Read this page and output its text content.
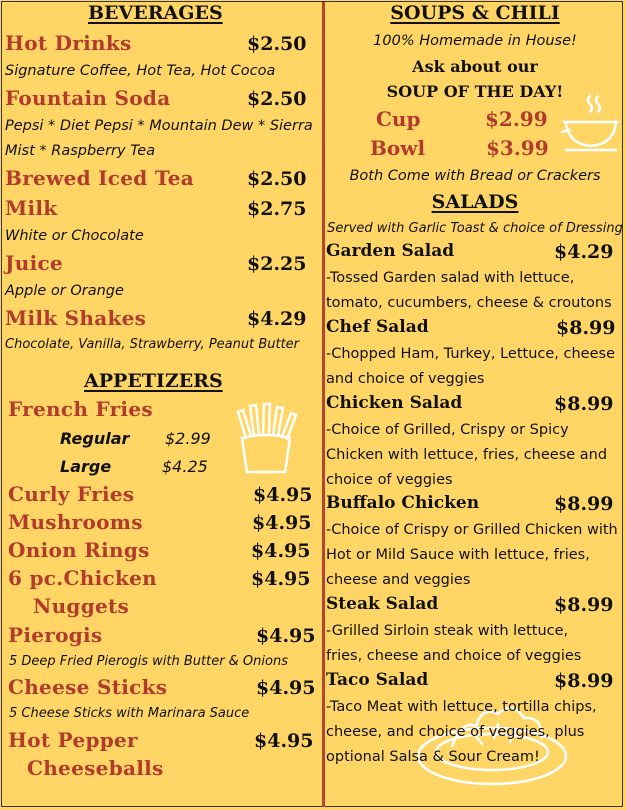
BEVERAGES
Hot Drinks	$2.50
Signature Coffee, Hot Tea, Hot Cocoa
Fountain Soda	$2.50
Pepsi * Diet Pepsi * Mountain Dew * Sierra
Mist * Raspberry Tea
Brewed Iced Tea	$2.50
Milk	$2.75
White or Chocolate
Juice	$2.25
Apple or Orange
Milk Shakes	$4.29
Chocolate, Vanilla, Strawberry, Peanut Butter
APPETIZERS
French Fries
Regular $2.99
Large	$4.25
Curly Fries	$4.95
Mushrooms	$4.95
Onion Rings	$4.95
6 pc.Chicken	$4.95
Nuggets
Pierogis	$4.95
5 Deep Fried Pierogis with Butter & Onions
Cheese Sticks	$4.95
5 Cheese Sticks with Marinara Sauce
Hot Pepper	$4.95
Cheeseballs
SOUPS & CHILI
100% Homemade in House!
Ask about our
SOUP OF THE DAY!
Cup	$2.99
Bowl	$3.99
Both Come with Bread or Crackers
SALADS
Served with Garlic Toast & choice of Dressing
Garden Salad	$4.29
-Tossed Garden salad with lettuce, tomato, cucumbers, cheese & croutons
Chef Salad	$8.99
-Chopped Ham, Turkey, Lettuce, cheese and choice of veggies
Chicken Salad	$8.99
-Choice of Grilled, Crispy or Spicy Chicken with lettuce, fries, cheese and choice of veggies
Buffalo Chicken	$8.99
-Choice of Crispy or Grilled Chicken with Hot or Mild Sauce with lettuce, fries, cheese and veggies
Steak Salad	$8.99
-Grilled Sirloin steak with lettuce, fries, cheese and choice of veggies
Taco Salad	$8.99
-Taco Meat with lettuce, tortilla chips, cheese, and choice of veggies, plus optional Salsa & Sour Cream!
